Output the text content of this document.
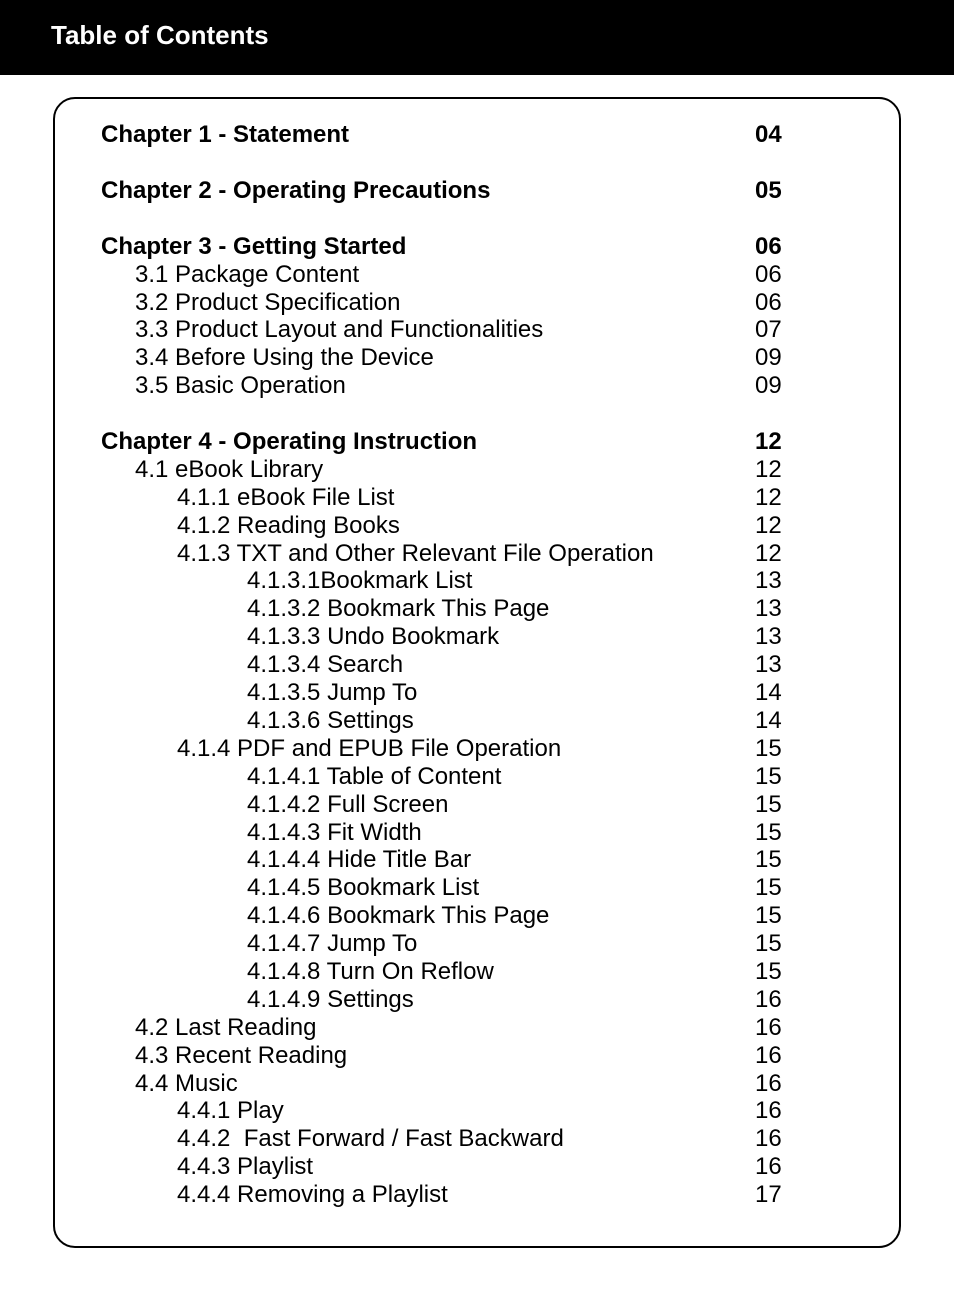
Table of Contents
Chapter 1 - Statement	04
Chapter 2 - Operating Precautions	05
Chapter 3 - Getting Started	06
3.1 Package Content	06
3.2 Product Specification	06
3.3 Product Layout and Functionalities	07
3.4 Before Using the Device	09
3.5 Basic Operation	09
Chapter 4 - Operating Instruction	12
4.1 eBook Library	12
4.1.1 eBook File List	12
4.1.2 Reading Books	12
4.1.3 TXT and Other Relevant File Operation	12
4.1.3.1Bookmark List	13
4.1.3.2 Bookmark This Page	13
4.1.3.3 Undo Bookmark	13
4.1.3.4 Search	13
4.1.3.5 Jump To	14
4.1.3.6 Settings	14
4.1.4 PDF and EPUB File Operation	15
4.1.4.1 Table of Content	15
4.1.4.2 Full Screen	15
4.1.4.3 Fit Width	15
4.1.4.4 Hide Title Bar	15
4.1.4.5 Bookmark List	15
4.1.4.6 Bookmark This Page	15
4.1.4.7 Jump To	15
4.1.4.8 Turn On Reflow	15
4.1.4.9 Settings	16
4.2 Last Reading	16
4.3 Recent Reading	16
4.4 Music	16
4.4.1 Play	16
4.4.2  Fast Forward / Fast Backward	16
4.4.3 Playlist	16
4.4.4 Removing a Playlist	17
